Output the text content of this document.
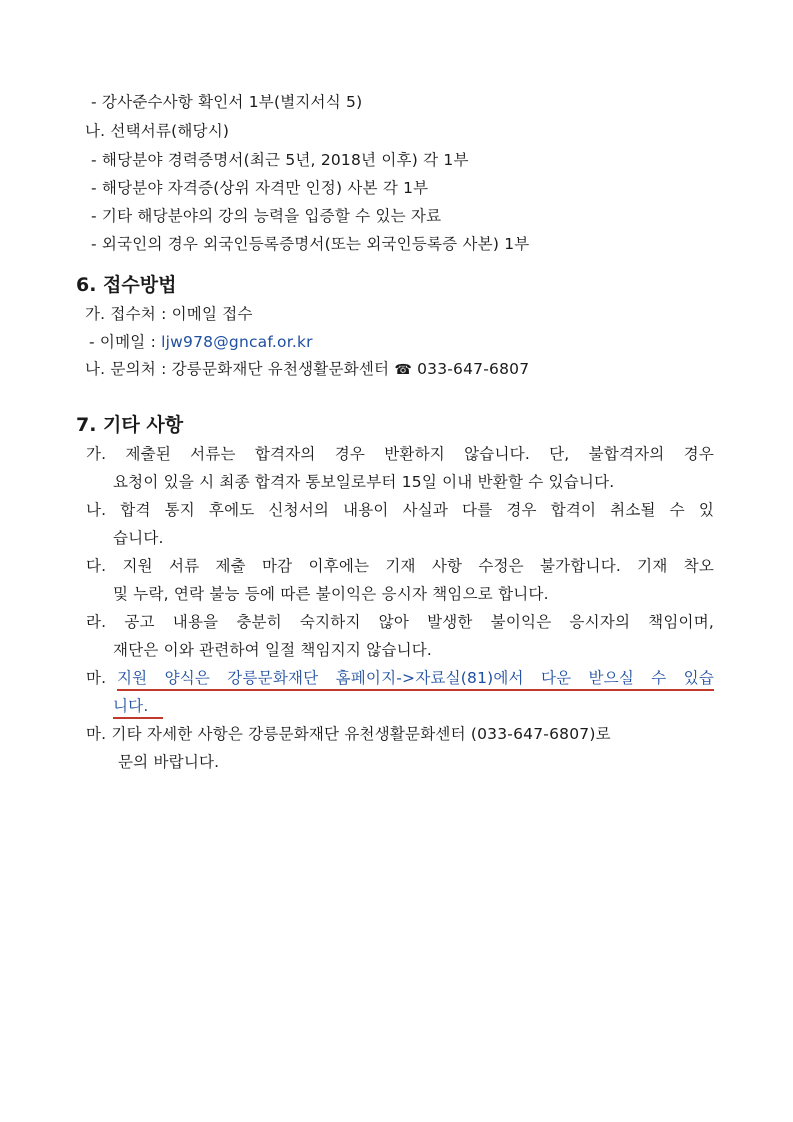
- 강사준수사항 확인서 1부(별지서식 5)
나. 선택서류(해당시)
- 해당분야 경력증명서(최근 5년, 2018년 이후) 각 1부
- 해당분야 자격증(상위 자격만 인정) 사본 각 1부
- 기타 해당분야의 강의 능력을 입증할 수 있는 자료
- 외국인의 경우 외국인등록증명서(또는 외국인등록증 사본) 1부
6. 접수방법
가. 접수처 : 이메일 접수
- 이메일 : ljw978@gncaf.or.kr
나. 문의처 : 강릉문화재단 유천생활문화센터 ☎ 033-647-6807
7. 기타 사항
가. 제출된 서류는 합격자의 경우 반환하지 않습니다. 단, 불합격자의 경우
요청이 있을 시 최종 합격자 통보일로부터 15일 이내 반환할 수 있습니다.
나. 합격 통지 후에도 신청서의 내용이 사실과 다를 경우 합격이 취소될 수 있
습니다.
다. 지원 서류 제출 마감 이후에는 기재 사항 수정은 불가합니다. 기재 착오
및 누락, 연락 불능 등에 따른 불이익은 응시자 책임으로 합니다.
라. 공고 내용을 충분히 숙지하지 않아 발생한 불이익은 응시자의 책임이며,
재단은 이와 관련하여 일절 책임지지 않습니다.
마. 지원 양식은 강릉문화재단 홈페이지->자료실(81)에서 다운 받으실 수 있습
니다.
마. 기타 자세한 사항은 강릉문화재단 유천생활문화센터 (033-647-6807)로
문의 바랍니다.
